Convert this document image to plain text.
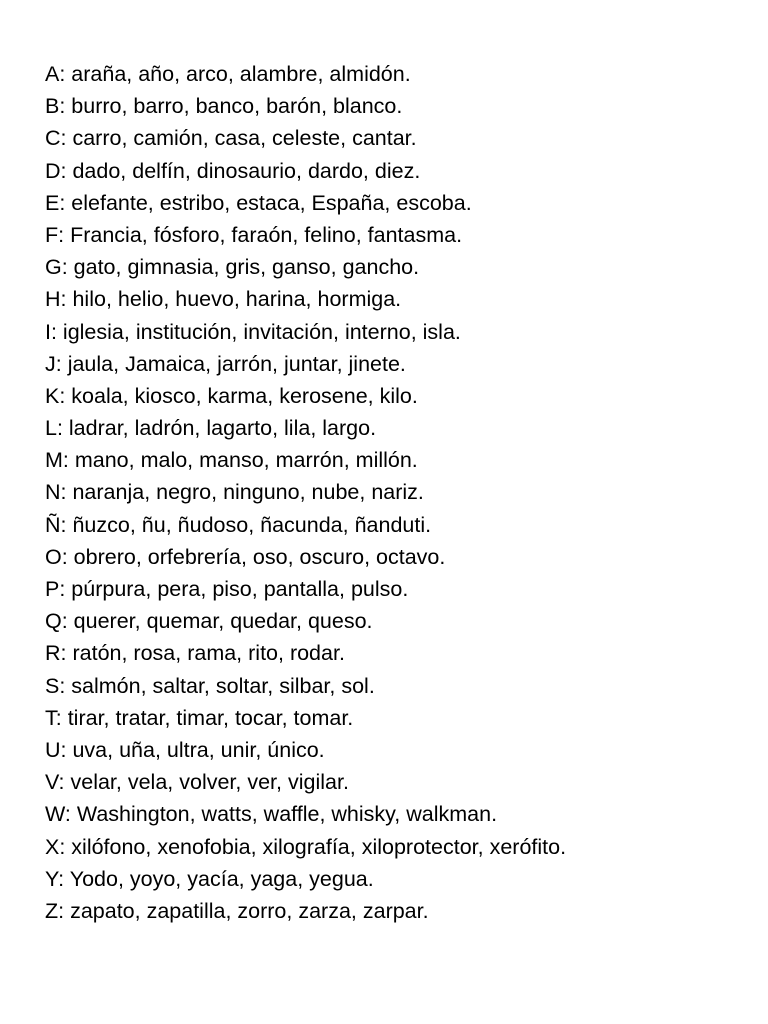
A: araña, año, arco, alambre, almidón.
B: burro, barro, banco, barón, blanco.
C: carro, camión, casa, celeste, cantar.
D: dado, delfín, dinosaurio, dardo, diez.
E: elefante, estribo, estaca, España, escoba.
F: Francia, fósforo, faraón, felino, fantasma.
G: gato, gimnasia, gris, ganso, gancho.
H: hilo, helio, huevo, harina, hormiga.
I: iglesia, institución, invitación, interno, isla.
J: jaula, Jamaica, jarrón, juntar, jinete.
K: koala, kiosco, karma, kerosene, kilo.
L: ladrar, ladrón, lagarto, lila, largo.
M: mano, malo, manso, marrón, millón.
N: naranja, negro, ninguno, nube, nariz.
Ñ: ñuzco, ñu, ñudoso, ñacunda, ñanduti.
O: obrero, orfebrería, oso, oscuro, octavo.
P: púrpura, pera, piso, pantalla, pulso.
Q: querer, quemar, quedar, queso.
R: ratón, rosa, rama, rito, rodar.
S: salmón, saltar, soltar, silbar, sol.
T: tirar, tratar, timar, tocar, tomar.
U: uva, uña, ultra, unir, único.
V: velar, vela, volver, ver, vigilar.
W: Washington, watts, waffle, whisky, walkman.
X: xilófono, xenofobia, xilografía, xiloprotector, xerófito.
Y: Yodo, yoyo, yacía, yaga, yegua.
Z: zapato, zapatilla, zorro, zarza, zarpar.
